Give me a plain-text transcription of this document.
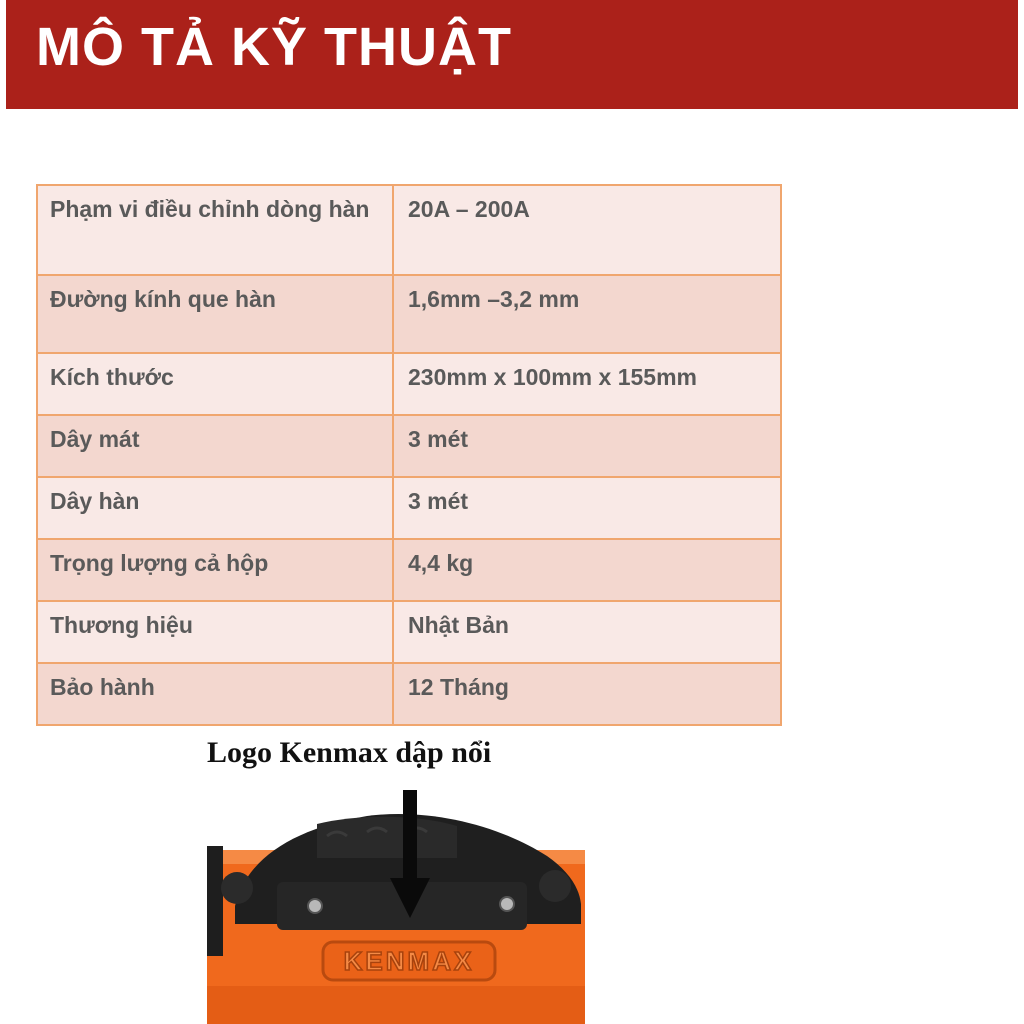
MÔ TẢ KỸ THUẬT
Phạm vi điều chỉnh dòng hàn	20A – 200A
Đường kính que hàn	1,6mm –3,2 mm
Kích thước	230mm x 100mm x 155mm
Dây mát	3 mét
Dây hàn	3 mét
Trọng lượng cả hộp	4,4 kg
Thương hiệu	Nhật Bản
Bảo hành	12 Tháng

Logo Kenmax dập nổi

KENMAX
